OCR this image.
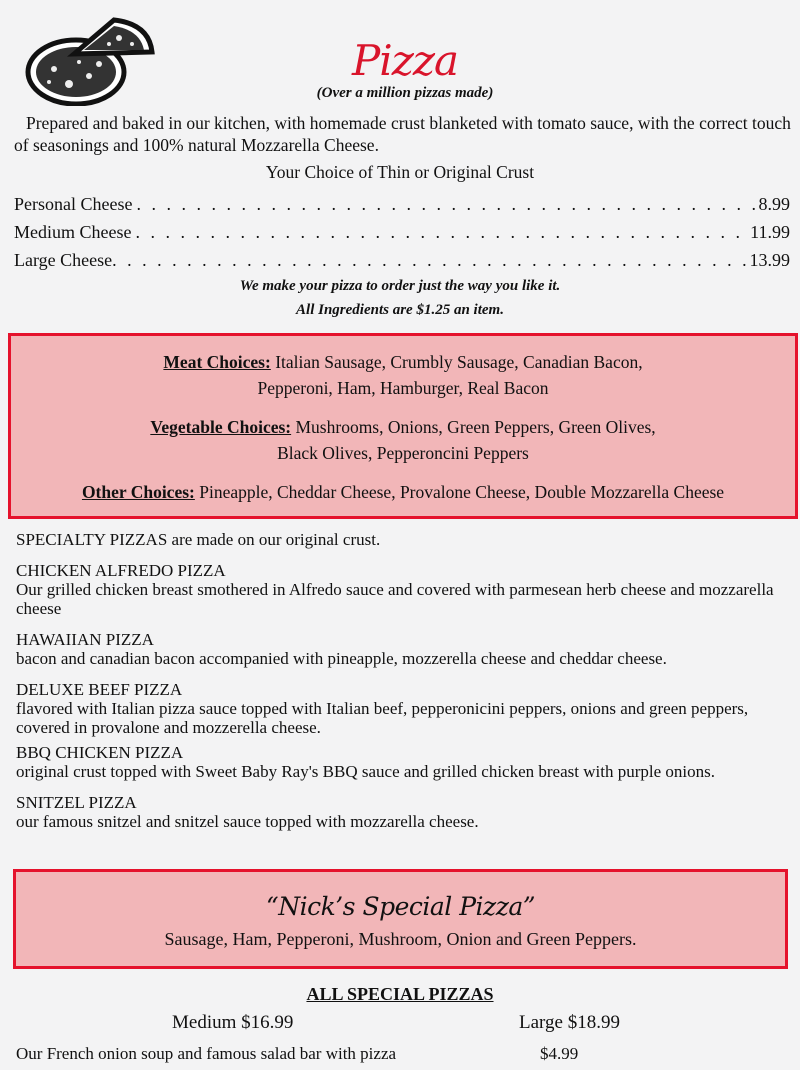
Pizza
(Over a million pizzas made)
Prepared and baked in our kitchen, with homemade crust blanketed with tomato sauce, with the correct touch of seasonings and 100% natural Mozzarella Cheese.
Your Choice of Thin or Original Crust
Personal Cheese . . .	8.99
Medium Cheese . . .	11.99
Large Cheese . . .	13.99
We make your pizza to order just the way you like it.
All Ingredients are $1.25 an item.

Meat Choices: Italian Sausage, Crumbly Sausage, Canadian Bacon,
Pepperoni, Ham, Hamburger, Real Bacon

Vegetable Choices: Mushrooms, Onions, Green Peppers, Green Olives,
Black Olives, Pepperoncini Peppers

Other Choices: Pineapple, Cheddar Cheese, Provalone Cheese, Double Mozzarella Cheese

SPECIALTY PIZZAS are made on our original crust.
CHICKEN ALFREDO PIZZA
Our grilled chicken breast smothered in Alfredo sauce and covered with parmesean herb cheese and mozzarella cheese
HAWAIIAN PIZZA
bacon and canadian bacon accompanied with pineapple, mozzerella cheese and cheddar cheese.
DELUXE BEEF PIZZA
flavored with Italian pizza sauce topped with Italian beef, pepperonicini peppers, onions and green peppers, covered in provalone and mozzerella cheese.
BBQ CHICKEN PIZZA
original crust topped with Sweet Baby Ray's BBQ sauce and grilled chicken breast with purple onions.
SNITZEL PIZZA
our famous snitzel and snitzel sauce topped with mozzarella cheese.
“Nick’s Special Pizza”
Sausage, Ham, Pepperoni, Mushroom, Onion and Green Peppers.
ALL SPECIAL PIZZAS
Medium $16.99	Large $18.99
Our French onion soup and famous salad bar with pizza	$4.99
